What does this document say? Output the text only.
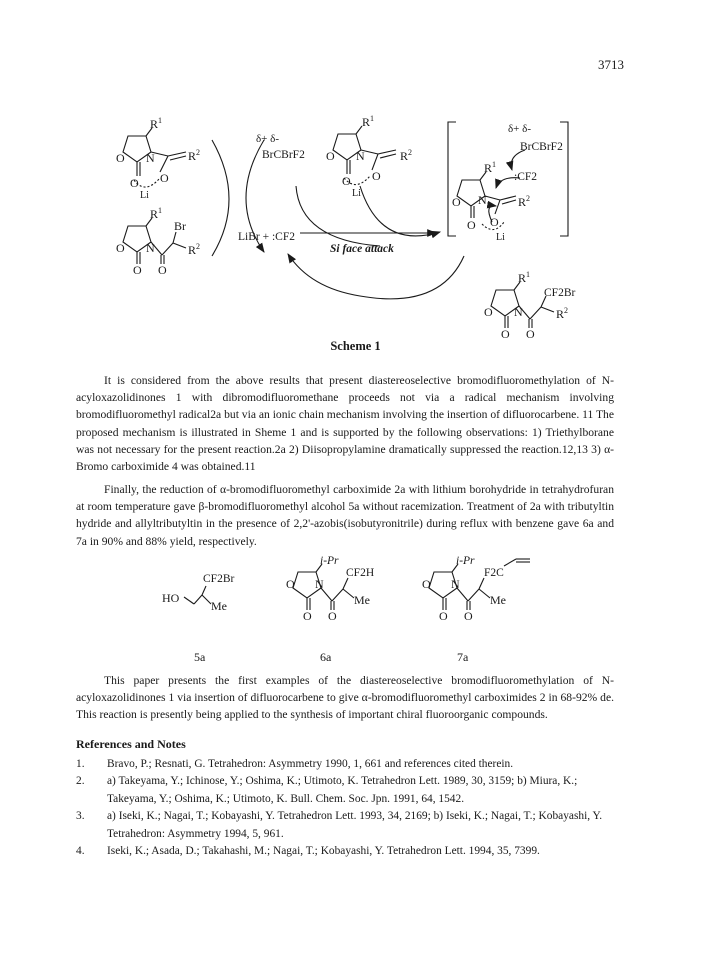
3713
$R^1$
O N	$R^2$
O O
Li
$R^1$
Br
O N	$R^2$
O O
δ+ δ-
BrCBrF2
LiBr + :CF2
Si face attack
$R^1$
O N	$R^2$
O O
Li
δ+ δ-
BrCBrF2
:CF2
$R^1$
O N	$R^2$
O O
Li
$R^1$
CF2Br
O N	$R^2$
O O
Scheme 1

It is considered from the above results that present diastereoselective bromodifluoromethylation of N-acyloxazolidinones 1 with dibromodifluoromethane proceeds not via a radical mechanism involving bromodifluoromethyl radical2a but via an ionic chain mechanism involving the insertion of difluorocarbene. 11 The proposed mechanism is illustrated in Sheme 1 and is supported by the following observations: 1) Triethylborane was not necessary for the present reaction.2a 2) Diisopropylamine dramatically suppressed the reaction.12,13 3) α-Bromo carboximide 4 was obtained.11

Finally, the reduction of α-bromodifluoromethyl carboximide 2a with lithium borohydride in tetrahydrofuran at room temperature gave β-bromodifluoromethyl alcohol 5a without racemization. Treatment of 2a with tributyltin hydride and allyltributyltin in the presence of 2,2'-azobis(isobutyronitrile) during reflux with benzene gave 6a and 7a in 90% and 88% yield, respectively.

CF2Br
HO
Me
5a
i-Pr
CF2H
O N
Me
O O
6a
i-Pr
F2C
O N
Me
O O
7a

This paper presents the first examples of the diastereoselective bromodifluoromethylation of N-acyloxazolidinones 1 via insertion of difluorocarbene to give α-bromodifluoromethyl carboximides 2 in 68-92% de. This reaction is presently being applied to the synthesis of important chiral fluoroorganic compounds.

References and Notes
1. Bravo, P.; Resnati, G. Tetrahedron: Asymmetry 1990, 1, 661 and references cited therein.
2. a) Takeyama, Y.; Ichinose, Y.; Oshima, K.; Utimoto, K. Tetrahedron Lett. 1989, 30, 3159; b) Miura, K.; Takeyama, Y.; Oshima, K.; Utimoto, K. Bull. Chem. Soc. Jpn. 1991, 64, 1542.
3. a) Iseki, K.; Nagai, T.; Kobayashi, Y. Tetrahedron Lett. 1993, 34, 2169; b) Iseki, K.; Nagai, T.; Kobayashi, Y. Tetrahedron: Asymmetry 1994, 5, 961.
4. Iseki, K.; Asada, D.; Takahashi, M.; Nagai, T.; Kobayashi, Y. Tetrahedron Lett. 1994, 35, 7399.
